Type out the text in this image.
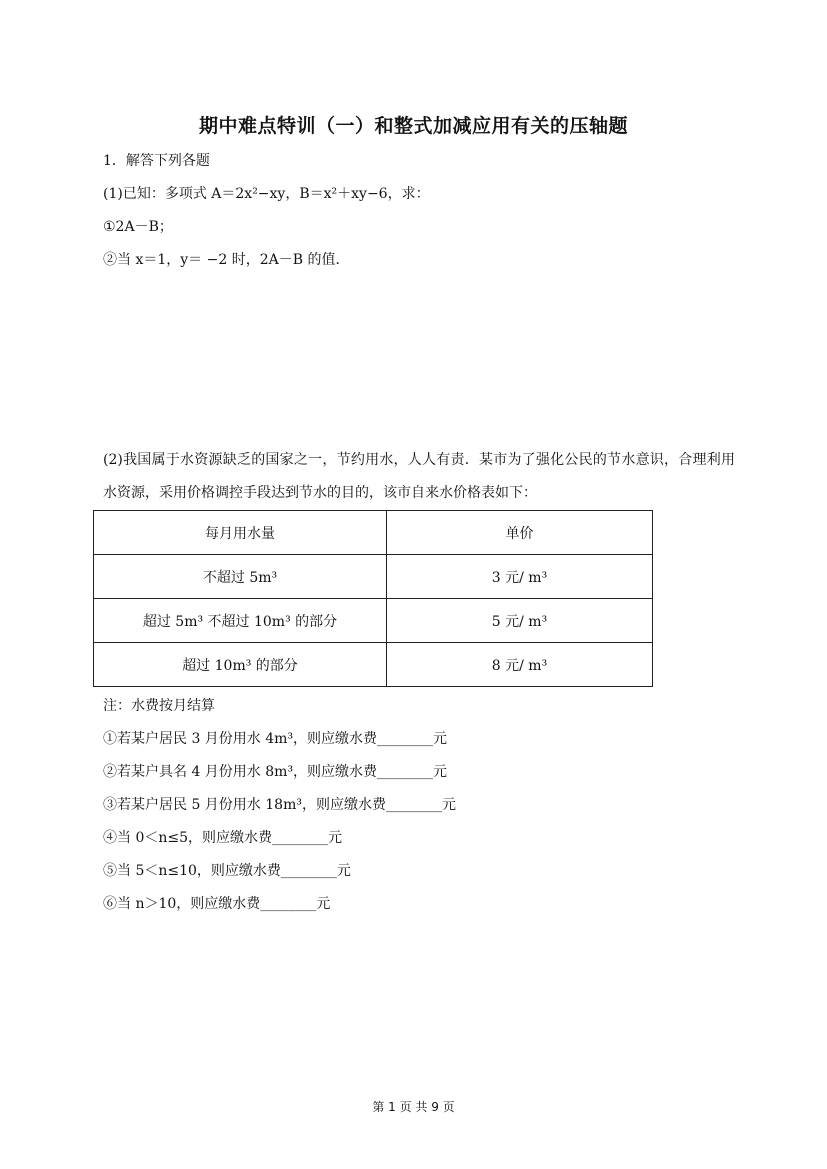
期中难点特训（一）和整式加减应用有关的压轴题
1．解答下列各题
(1)已知：多项式 A＝2x²−xy，B＝x²＋xy−6，求：
①2A－B；
②当 x＝1，y＝ −2 时，2A－B 的值．
(2)我国属于水资源缺乏的国家之一，节约用水，人人有责．某市为了强化公民的节水意识，合理利用水资源，采用价格调控手段达到节水的目的，该市自来水价格表如下：
每月用水量	单价
不超过 5m³	3 元/ m³
超过 5m³ 不超过 10m³ 的部分	5 元/ m³
超过 10m³ 的部分	8 元/ m³
注：水费按月结算
①若某户居民 3 月份用水 4m³，则应缴水费________元
②若某户具名 4 月份用水 8m³，则应缴水费________元
③若某户居民 5 月份用水 18m³，则应缴水费________元
④当 0＜n≤5，则应缴水费________元
⑤当 5＜n≤10，则应缴水费________元
⑥当 n＞10，则应缴水费________元
第 1 页 共 9 页
